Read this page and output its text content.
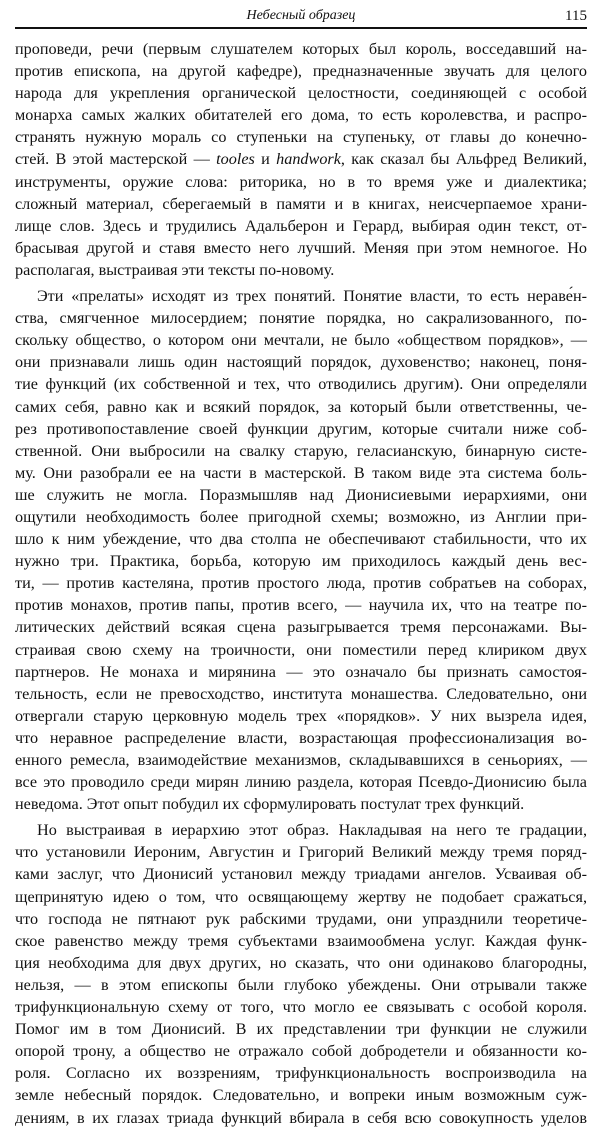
Небесный образец	115
проповеди, речи (первым слушателем которых был король, восседавший на-
против епископа, на другой кафедре), предназначенные звучать для целого
народа для укрепления органической целостности, соединяющей с особой
монарха самых жалких обитателей его дома, то есть королевства, и распро-
странять нужную мораль со ступеньки на ступеньку, от главы до конечно-
стей. В этой мастерской — tooles и handwork, как сказал бы Альфред Великий,
инструменты, оружие слова: риторика, но в то время уже и диалектика;
сложный материал, сберегаемый в памяти и в книгах, неисчерпаемое храни-
лище слов. Здесь и трудились Адальберон и Герард, выбирая один текст, от-
брасывая другой и ставя вместо него лучший. Меняя при этом немногое. Но
располагая, выстраивая эти тексты по-новому.
Эти «прелаты» исходят из трех понятий. Понятие власти, то есть нераве́н-
ства, смягченное милосердием; понятие порядка, но сакрализованного, по-
скольку общество, о котором они мечтали, не было «обществом порядков», —
они признавали лишь один настоящий порядок, духовенство; наконец, поня-
тие функций (их собственной и тех, что отводились другим). Они определяли
самих себя, равно как и всякий порядок, за который были ответственны, че-
рез противопоставление своей функции другим, которые считали ниже соб-
ственной. Они выбросили на свалку старую, геласианскую, бинарную систе-
му. Они разобрали ее на части в мастерской. В таком виде эта система боль-
ше служить не могла. Поразмышляв над Дионисиевыми иерархиями, они
ощутили необходимость более пригодной схемы; возможно, из Англии при-
шло к ним убеждение, что два столпа не обеспечивают стабильности, что их
нужно три. Практика, борьба, которую им приходилось каждый день вес-
ти, — против кастеляна, против простого люда, против собратьев на соборах,
против монахов, против папы, против всего, — научила их, что на театре по-
литических действий всякая сцена разыгрывается тремя персонажами. Вы-
страивая свою схему на троичности, они поместили перед клириком двух
партнеров. Не монаха и мирянина — это означало бы признать самостоя-
тельность, если не превосходство, института монашества. Следовательно, они
отвергали старую церковную модель трех «порядков». У них вызрела идея,
что неравное распределение власти, возрастающая профессионализация во-
енного ремесла, взаимодействие механизмов, складывавшихся в сеньориях, —
все это проводило среди мирян линию раздела, которая Псевдо-Дионисию была
неведома. Этот опыт побудил их сформулировать постулат трех функций.
Но выстраивая в иерархию этот образ. Накладывая на него те градации,
что установили Иероним, Августин и Григорий Великий между тремя поряд-
ками заслуг, что Дионисий установил между триадами ангелов. Усваивая об-
щепринятую идею о том, что освящающему жертву не подобает сражаться,
что господа не пятнают рук рабскими трудами, они упразднили теоретиче-
ское равенство между тремя субъектами взаимообмена услуг. Каждая функ-
ция необходима для двух других, но сказать, что они одинаково благородны,
нельзя, — в этом епископы были глубоко убеждены. Они отрывали также
трифункциональную схему от того, что могло ее связывать с особой короля.
Помог им в том Дионисий. В их представлении три функции не служили
опорой трону, а общество не отражало собой добродетели и обязанности ко-
роля. Согласно их воззрениям, трифункциональность воспроизводила на
земле небесный порядок. Следовательно, и вопреки иным возможным суж-
дениям, в их глазах триада функций вбирала в себя всю совокупность уделов
